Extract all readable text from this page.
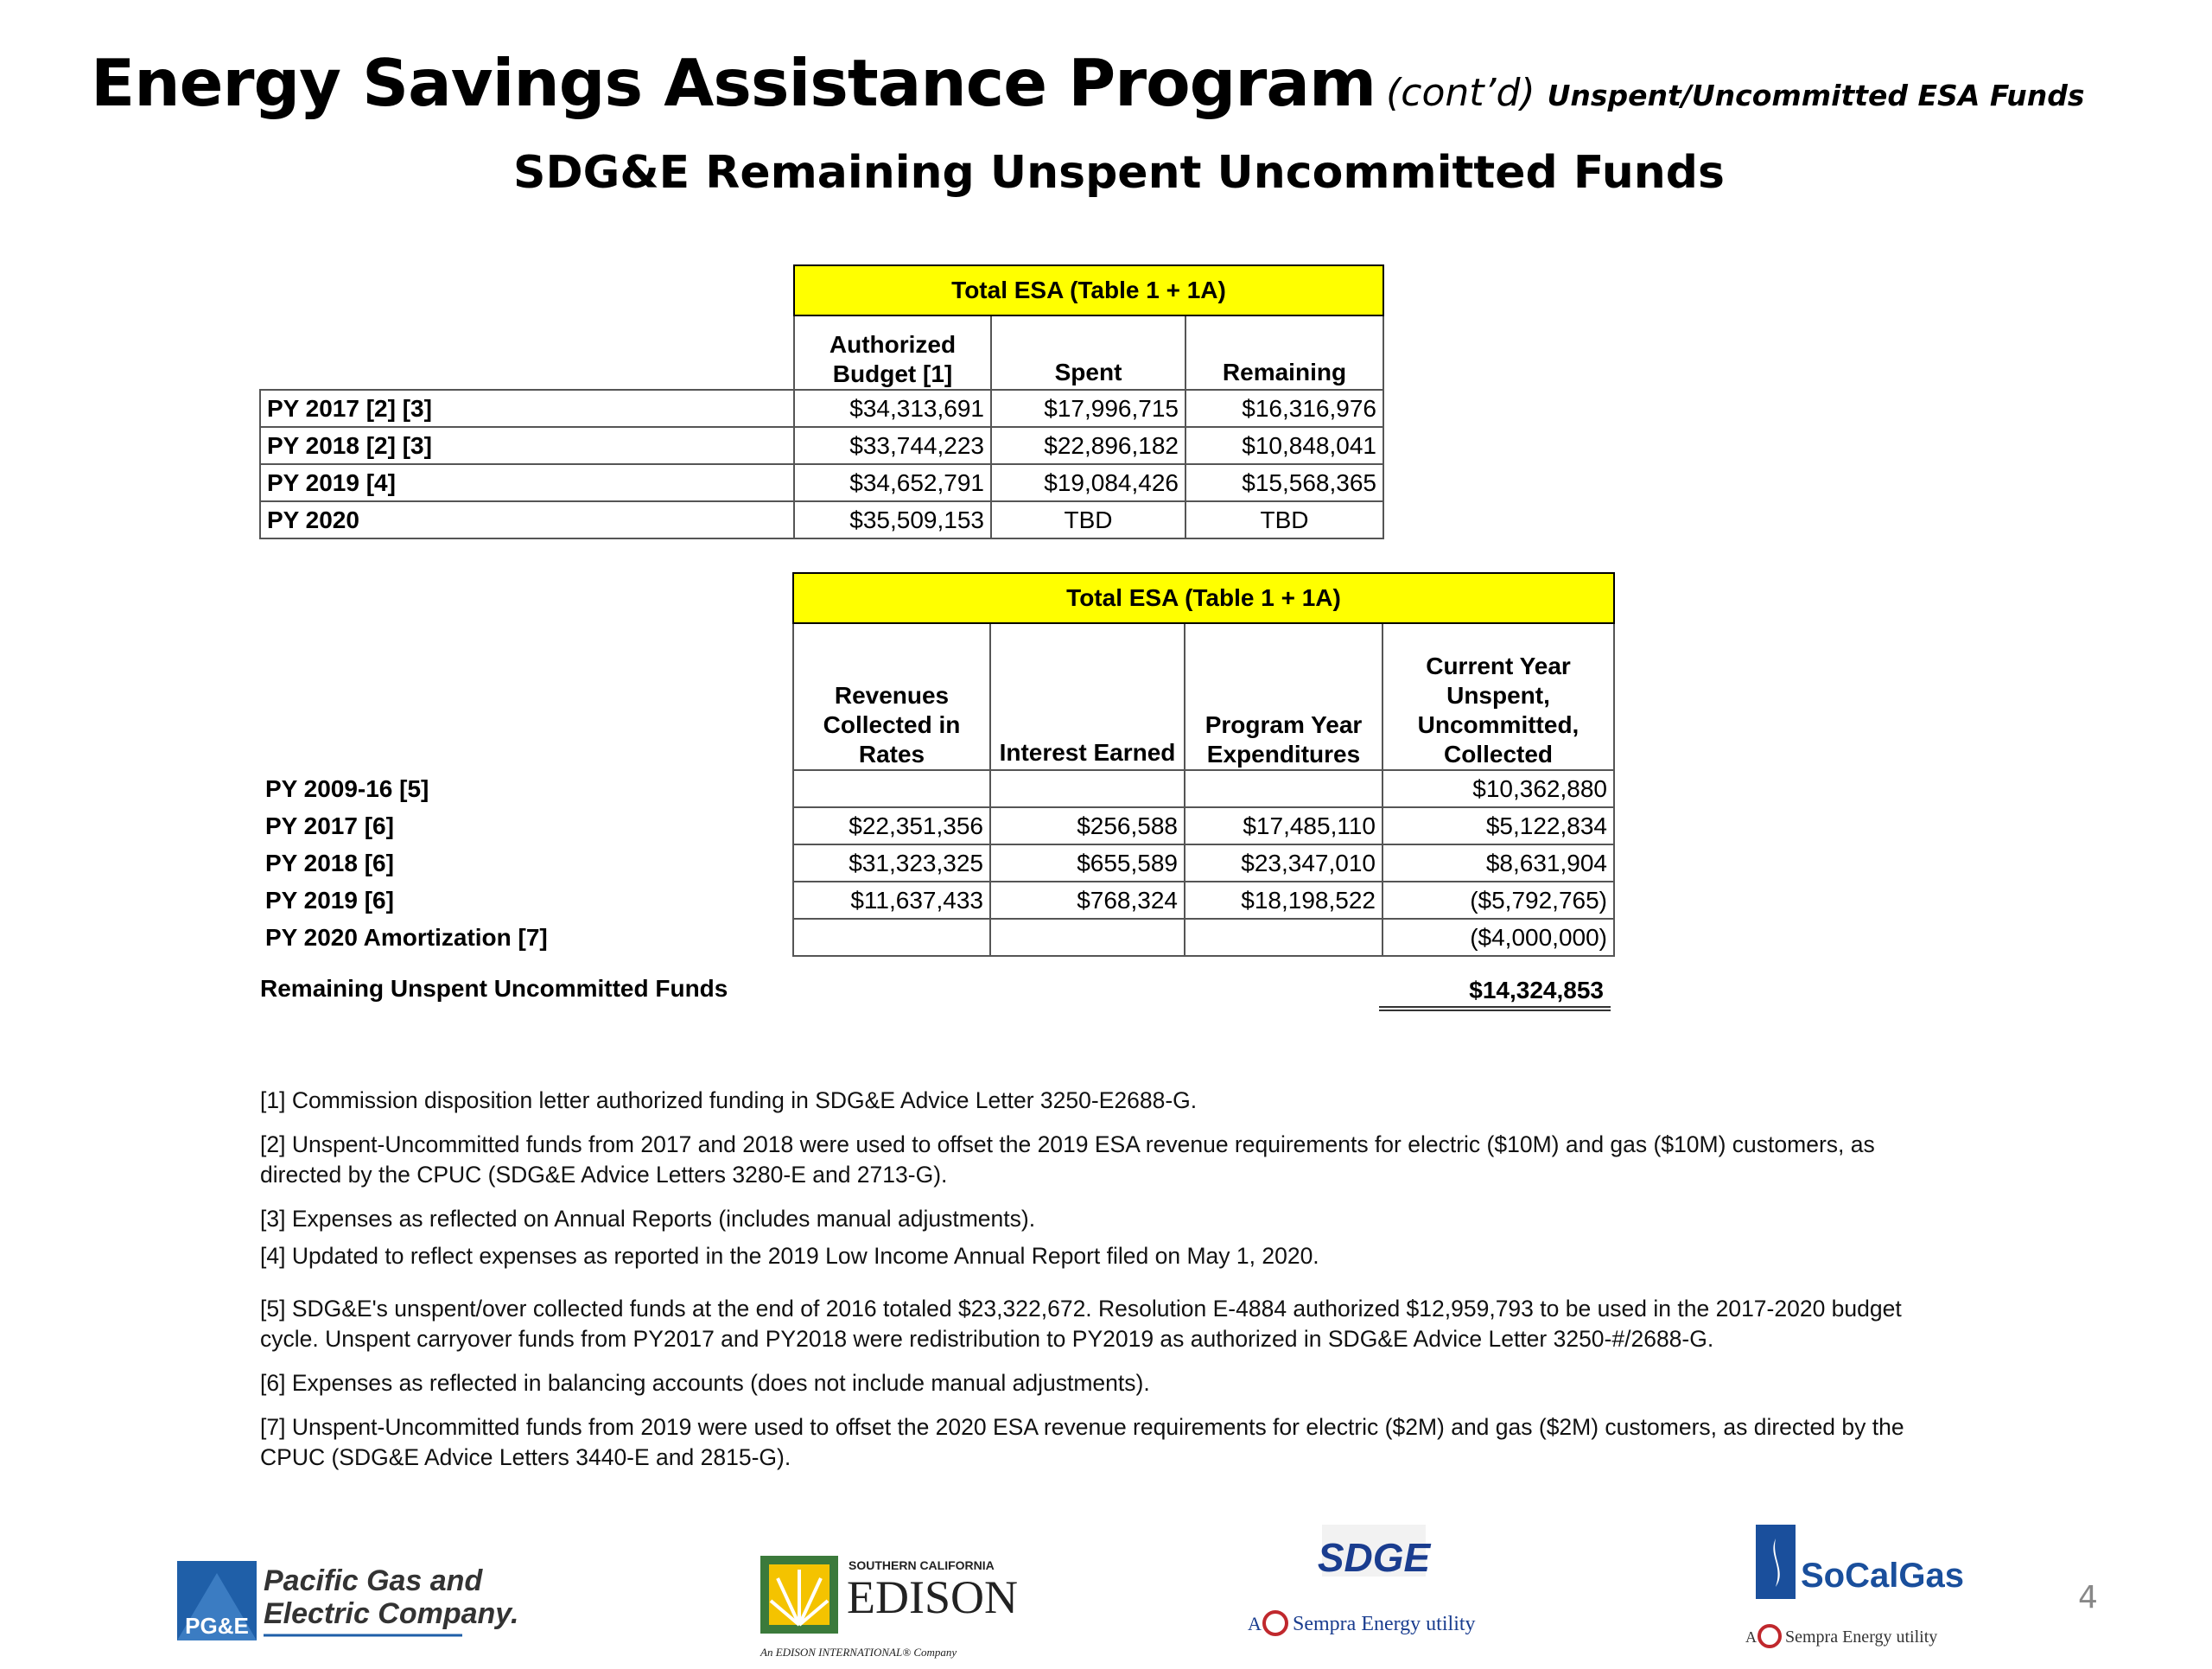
Energy Savings Assistance Program (cont’d) Unspent/Uncommitted ESA Funds
SDG&E Remaining Unspent Uncommitted Funds
	Total ESA (Table 1 + 1A)		
	Authorized Budget [1]	Spent	Remaining
PY 2017 [2] [3]	$34,313,691	$17,996,715	$16,316,976
PY 2018 [2] [3]	$33,744,223	$22,896,182	$10,848,041
PY 2019 [4]	$34,652,791	$19,084,426	$15,568,365
PY 2020	$35,509,153	TBD	TBD
	Total ESA (Table 1 + 1A)			
	Revenues Collected in Rates	Interest Earned	Program Year Expenditures	Current Year Unspent, Uncommitted, Collected
PY 2009-16 [5]				$10,362,880
PY 2017 [6]	$22,351,356	$256,588	$17,485,110	$5,122,834
PY 2018 [6]	$31,323,325	$655,589	$23,347,010	$8,631,904
PY 2019 [6]	$11,637,433	$768,324	$18,198,522	($5,792,765)
PY 2020 Amortization [7]				($4,000,000)
Remaining Unspent Uncommitted Funds	$14,324,853

[1] Commission disposition letter authorized funding in SDG&E Advice Letter 3250-E2688-G.

[2] Unspent-Uncommitted funds from 2017 and 2018 were used to offset the 2019 ESA revenue requirements for electric ($10M) and gas ($10M) customers, as directed by the CPUC (SDG&E Advice Letters 3280-E and 2713-G).

[3] Expenses as reflected on Annual Reports (includes manual adjustments).

[4] Updated to reflect expenses as reported in the 2019 Low Income Annual Report filed on May 1, 2020.

[5] SDG&E's unspent/over collected funds at the end of 2016 totaled $23,322,672. Resolution E-4884 authorized $12,959,793 to be used in the 2017-2020 budget cycle. Unspent carryover funds from PY2017 and PY2018 were redistribution to PY2019 as authorized in SDG&E Advice Letter 3250-#/2688-G.

[6] Expenses as reflected in balancing accounts (does not include manual adjustments).

[7] Unspent-Uncommitted funds from 2019 were used to offset the 2020 ESA revenue requirements for electric ($2M) and gas ($2M) customers, as directed by the CPUC (SDG&E Advice Letters 3440-E and 2815-G).

PG&E
Pacific Gas and
Electric Company.
SOUTHERN CALIFORNIA
EDISON
An EDISON INTERNATIONAL® Company
SDGE
A Sempra Energy utility
SoCalGas
A Sempra Energy utility
4
